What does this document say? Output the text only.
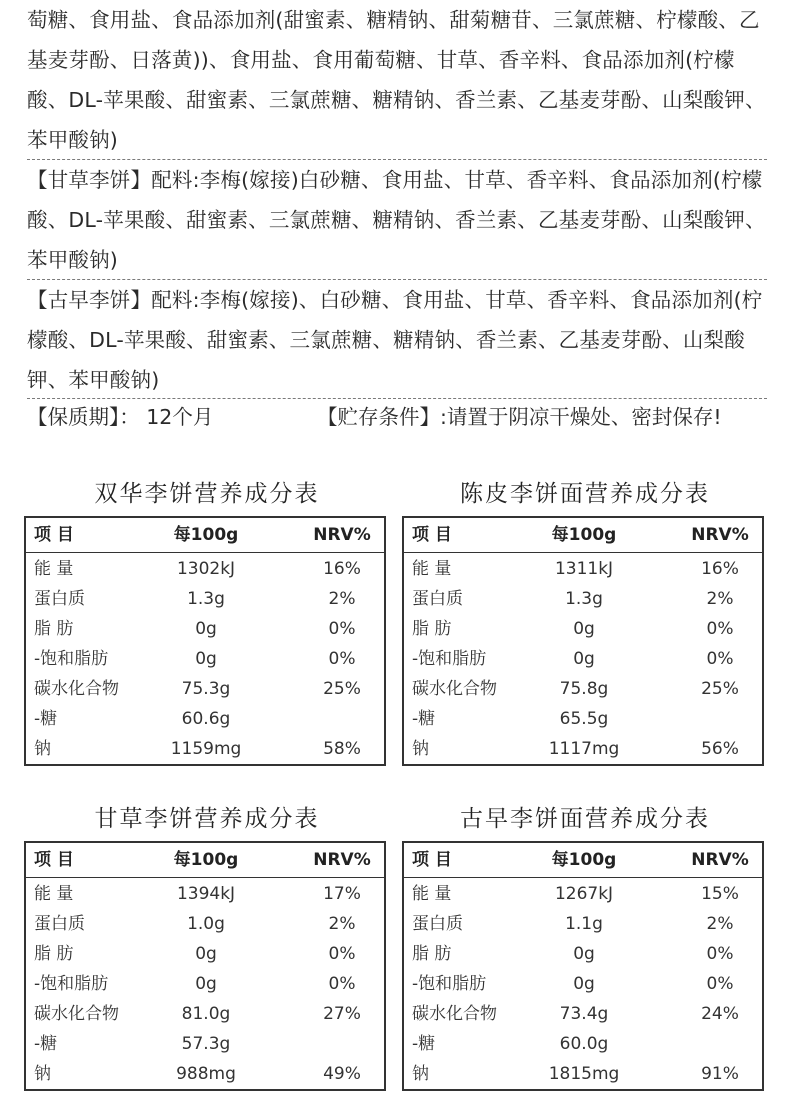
萄糖、食用盐、食品添加剂(甜蜜素、糖精钠、甜菊糖苷、三氯蔗糖、柠檬酸、乙基麦芽酚、日落黄))、食用盐、食用葡萄糖、甘草、香辛料、食品添加剂(柠檬酸、DL-苹果酸、甜蜜素、三氯蔗糖、糖精钠、香兰素、乙基麦芽酚、山梨酸钾、苯甲酸钠)
【甘草李饼】配料:李梅(嫁接)白砂糖、食用盐、甘草、香辛料、食品添加剂(柠檬酸、DL-苹果酸、甜蜜素、三氯蔗糖、糖精钠、香兰素、乙基麦芽酚、山梨酸钾、苯甲酸钠)
【古早李饼】配料:李梅(嫁接)、白砂糖、食用盐、甘草、香辛料、食品添加剂(柠檬酸、DL-苹果酸、甜蜜素、三氯蔗糖、糖精钠、香兰素、乙基麦芽酚、山梨酸钾、苯甲酸钠)
【保质期】： 12个月	【贮存条件】:请置于阴凉干燥处、密封保存!
双华李饼营养成分表
项 目	每100g	NRV%
能 量	1302kJ	16%
蛋白质	1.3g	2%
脂 肪	0g	0%
-饱和脂肪	0g	0%
碳水化合物	75.3g	25%
-糖	60.6g
钠	1159mg	58%
陈皮李饼面营养成分表
项 目	每100g	NRV%
能 量	1311kJ	16%
蛋白质	1.3g	2%
脂 肪	0g	0%
-饱和脂肪	0g	0%
碳水化合物	75.8g	25%
-糖	65.5g
钠	1117mg	56%
甘草李饼营养成分表
项 目	每100g	NRV%
能 量	1394kJ	17%
蛋白质	1.0g	2%
脂 肪	0g	0%
-饱和脂肪	0g	0%
碳水化合物	81.0g	27%
-糖	57.3g
钠	988mg	49%
古早李饼面营养成分表
项 目	每100g	NRV%
能 量	1267kJ	15%
蛋白质	1.1g	2%
脂 肪	0g	0%
-饱和脂肪	0g	0%
碳水化合物	73.4g	24%
-糖	60.0g
钠	1815mg	91%
